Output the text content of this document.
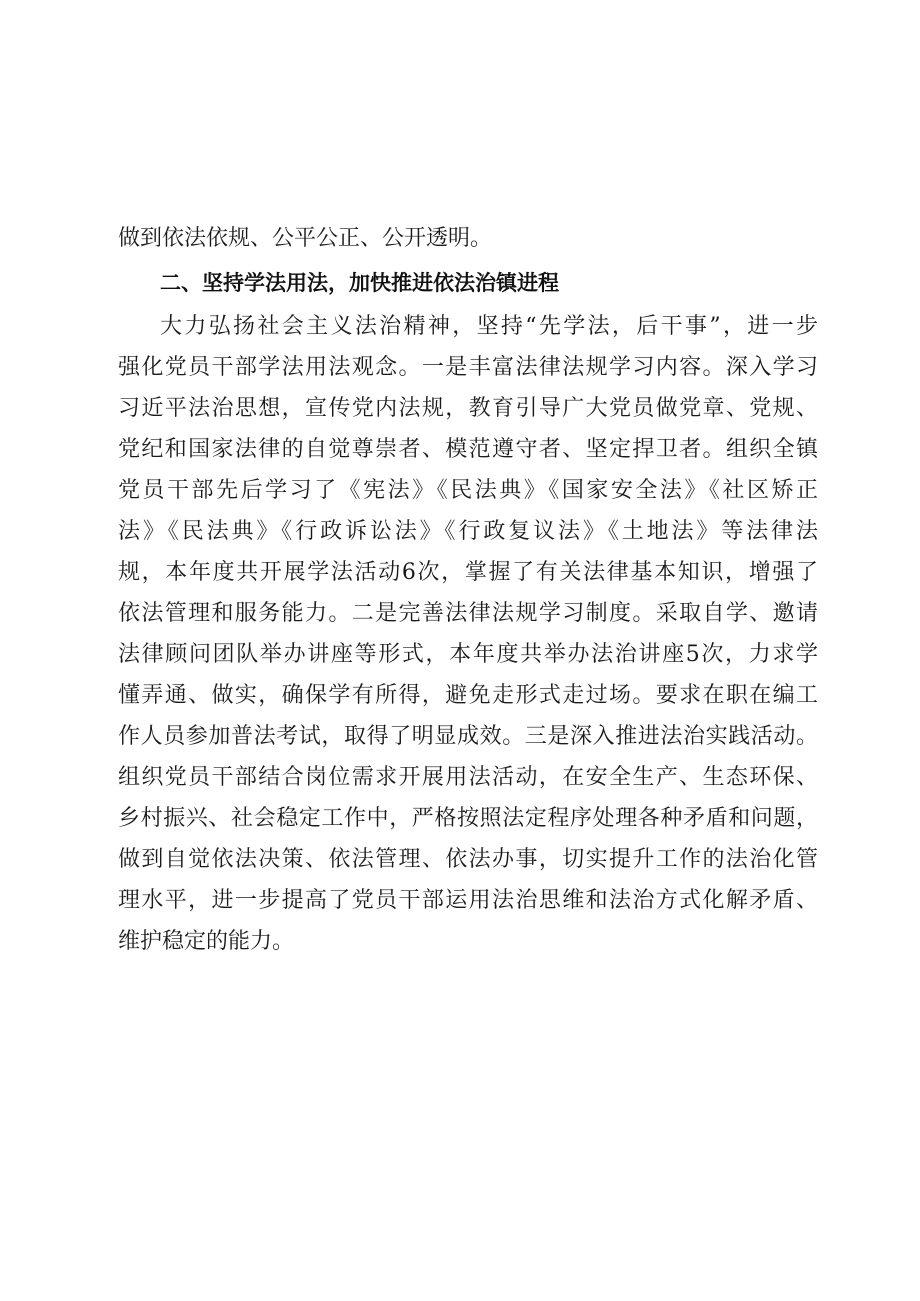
做到依法依规、公平公正、公开透明。
二、坚持学法用法，加快推进依法治镇进程
大力弘扬社会主义法治精神，坚持“先学法，后干事”，进一步
强化党员干部学法用法观念。一是丰富法律法规学习内容。深入学习
习近平法治思想，宣传党内法规，教育引导广大党员做党章、党规、
党纪和国家法律的自觉尊崇者、模范遵守者、坚定捍卫者。组织全镇
党员干部先后学习了《宪法》《民法典》《国家安全法》《社区矫正
法》《民法典》《行政诉讼法》《行政复议法》《土地法》等法律法
规，本年度共开展学法活动6次，掌握了有关法律基本知识，增强了
依法管理和服务能力。二是完善法律法规学习制度。采取自学、邀请
法律顾问团队举办讲座等形式，本年度共举办法治讲座5次，力求学
懂弄通、做实，确保学有所得，避免走形式走过场。要求在职在编工
作人员参加普法考试，取得了明显成效。三是深入推进法治实践活动。
组织党员干部结合岗位需求开展用法活动，在安全生产、生态环保、
乡村振兴、社会稳定工作中，严格按照法定程序处理各种矛盾和问题，
做到自觉依法决策、依法管理、依法办事，切实提升工作的法治化管
理水平，进一步提高了党员干部运用法治思维和法治方式化解矛盾、
维护稳定的能力。
